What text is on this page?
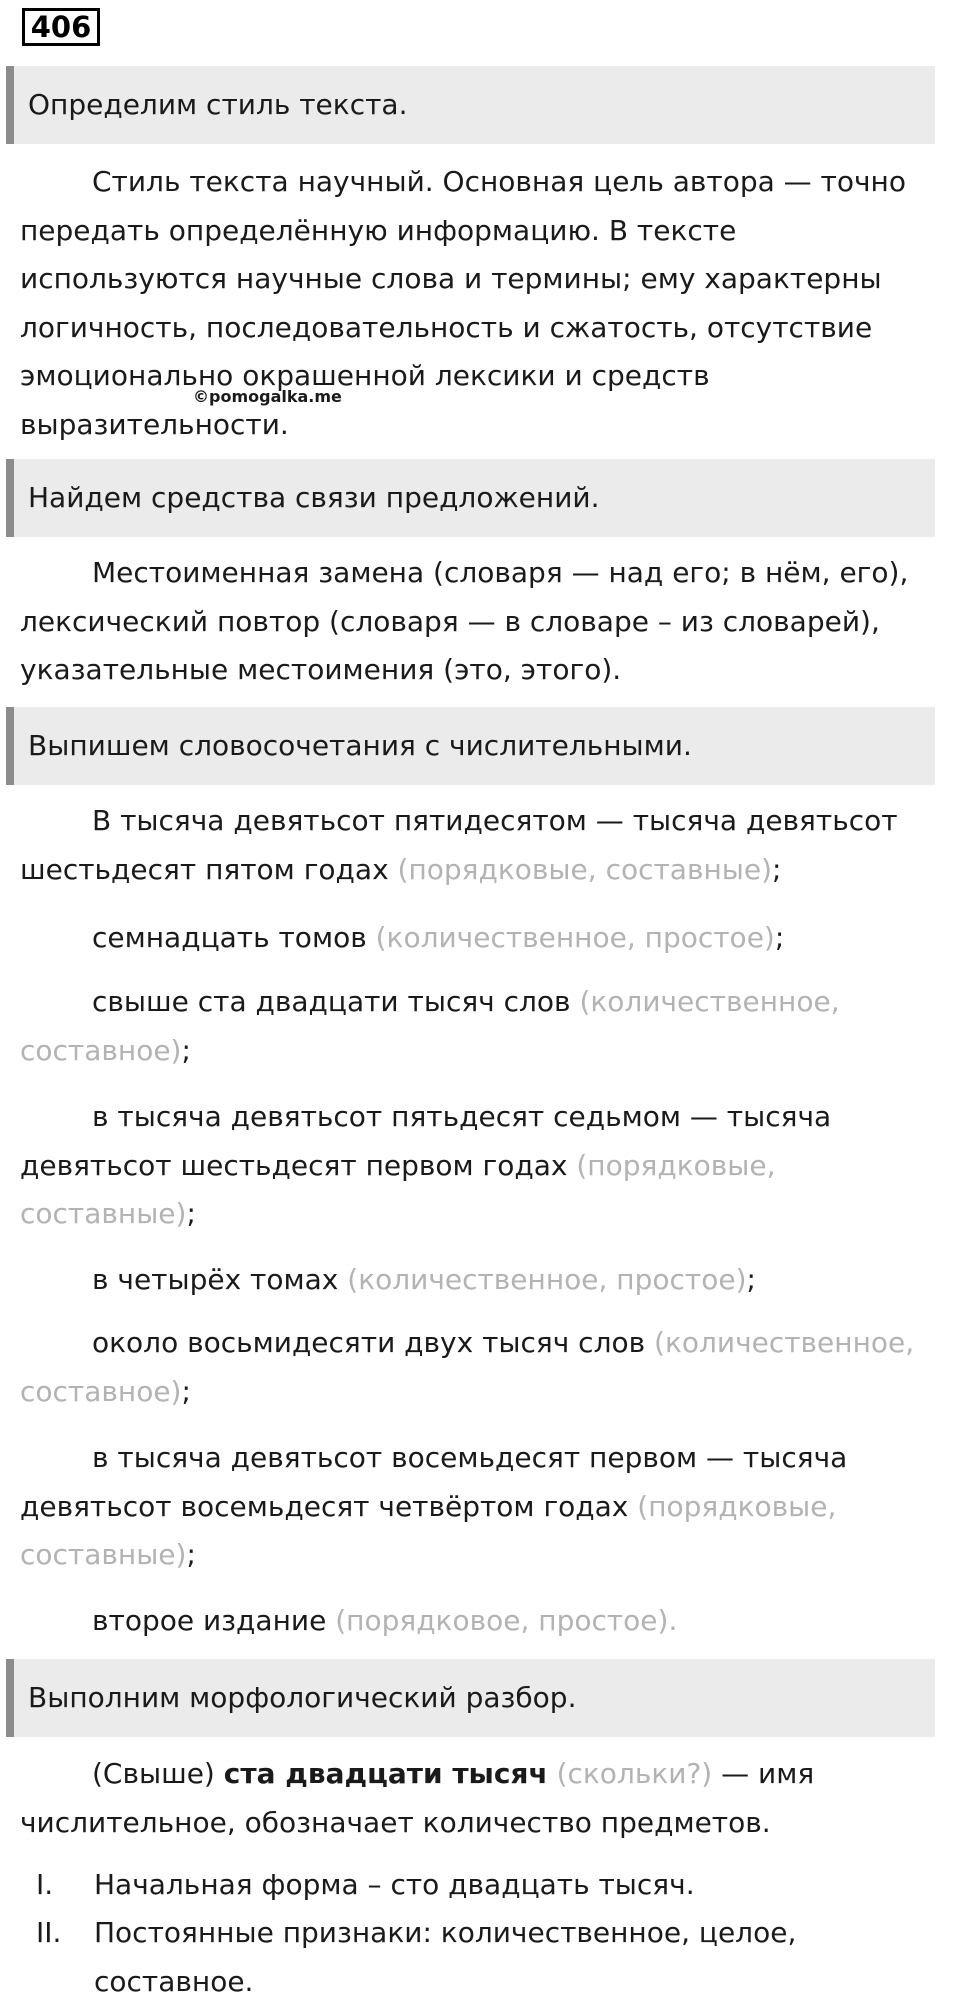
406
Определим стиль текста.
Стиль текста научный. Основная цель автора — точно передать определённую информацию. В тексте используются научные слова и термины; ему характерны логичность, последовательность и сжатость, отсутствие эмоционально окрашенной лексики и средств выразительности.
©pomogalka.me
Найдем средства связи предложений.
Местоименная замена (словаря — над его; в нём, его), лексический повтор (словаря — в словаре – из словарей), указательные местоимения (это, этого).
Выпишем словосочетания с числительными.
В тысяча девятьсот пятидесятом — тысяча девятьсот шестьдесят пятом годах (порядковые, составные);
семнадцать томов (количественное, простое);
свыше ста двадцати тысяч слов (количественное, составное);
в тысяча девятьсот пятьдесят седьмом — тысяча девятьсот шестьдесят первом годах (порядковые, составные);
в четырёх томах (количественное, простое);
около восьмидесяти двух тысяч слов (количественное, составное);
в тысяча девятьсот восемьдесят первом — тысяча девятьсот восемьдесят четвёртом годах (порядковые, составные);
второе издание (порядковое, простое).
Выполним морфологический разбор.
(Свыше) ста двадцати тысяч (скольки?) — имя числительное, обозначает количество предметов.
I. Начальная форма – сто двадцать тысяч.
II. Постоянные признаки: количественное, целое, составное.
